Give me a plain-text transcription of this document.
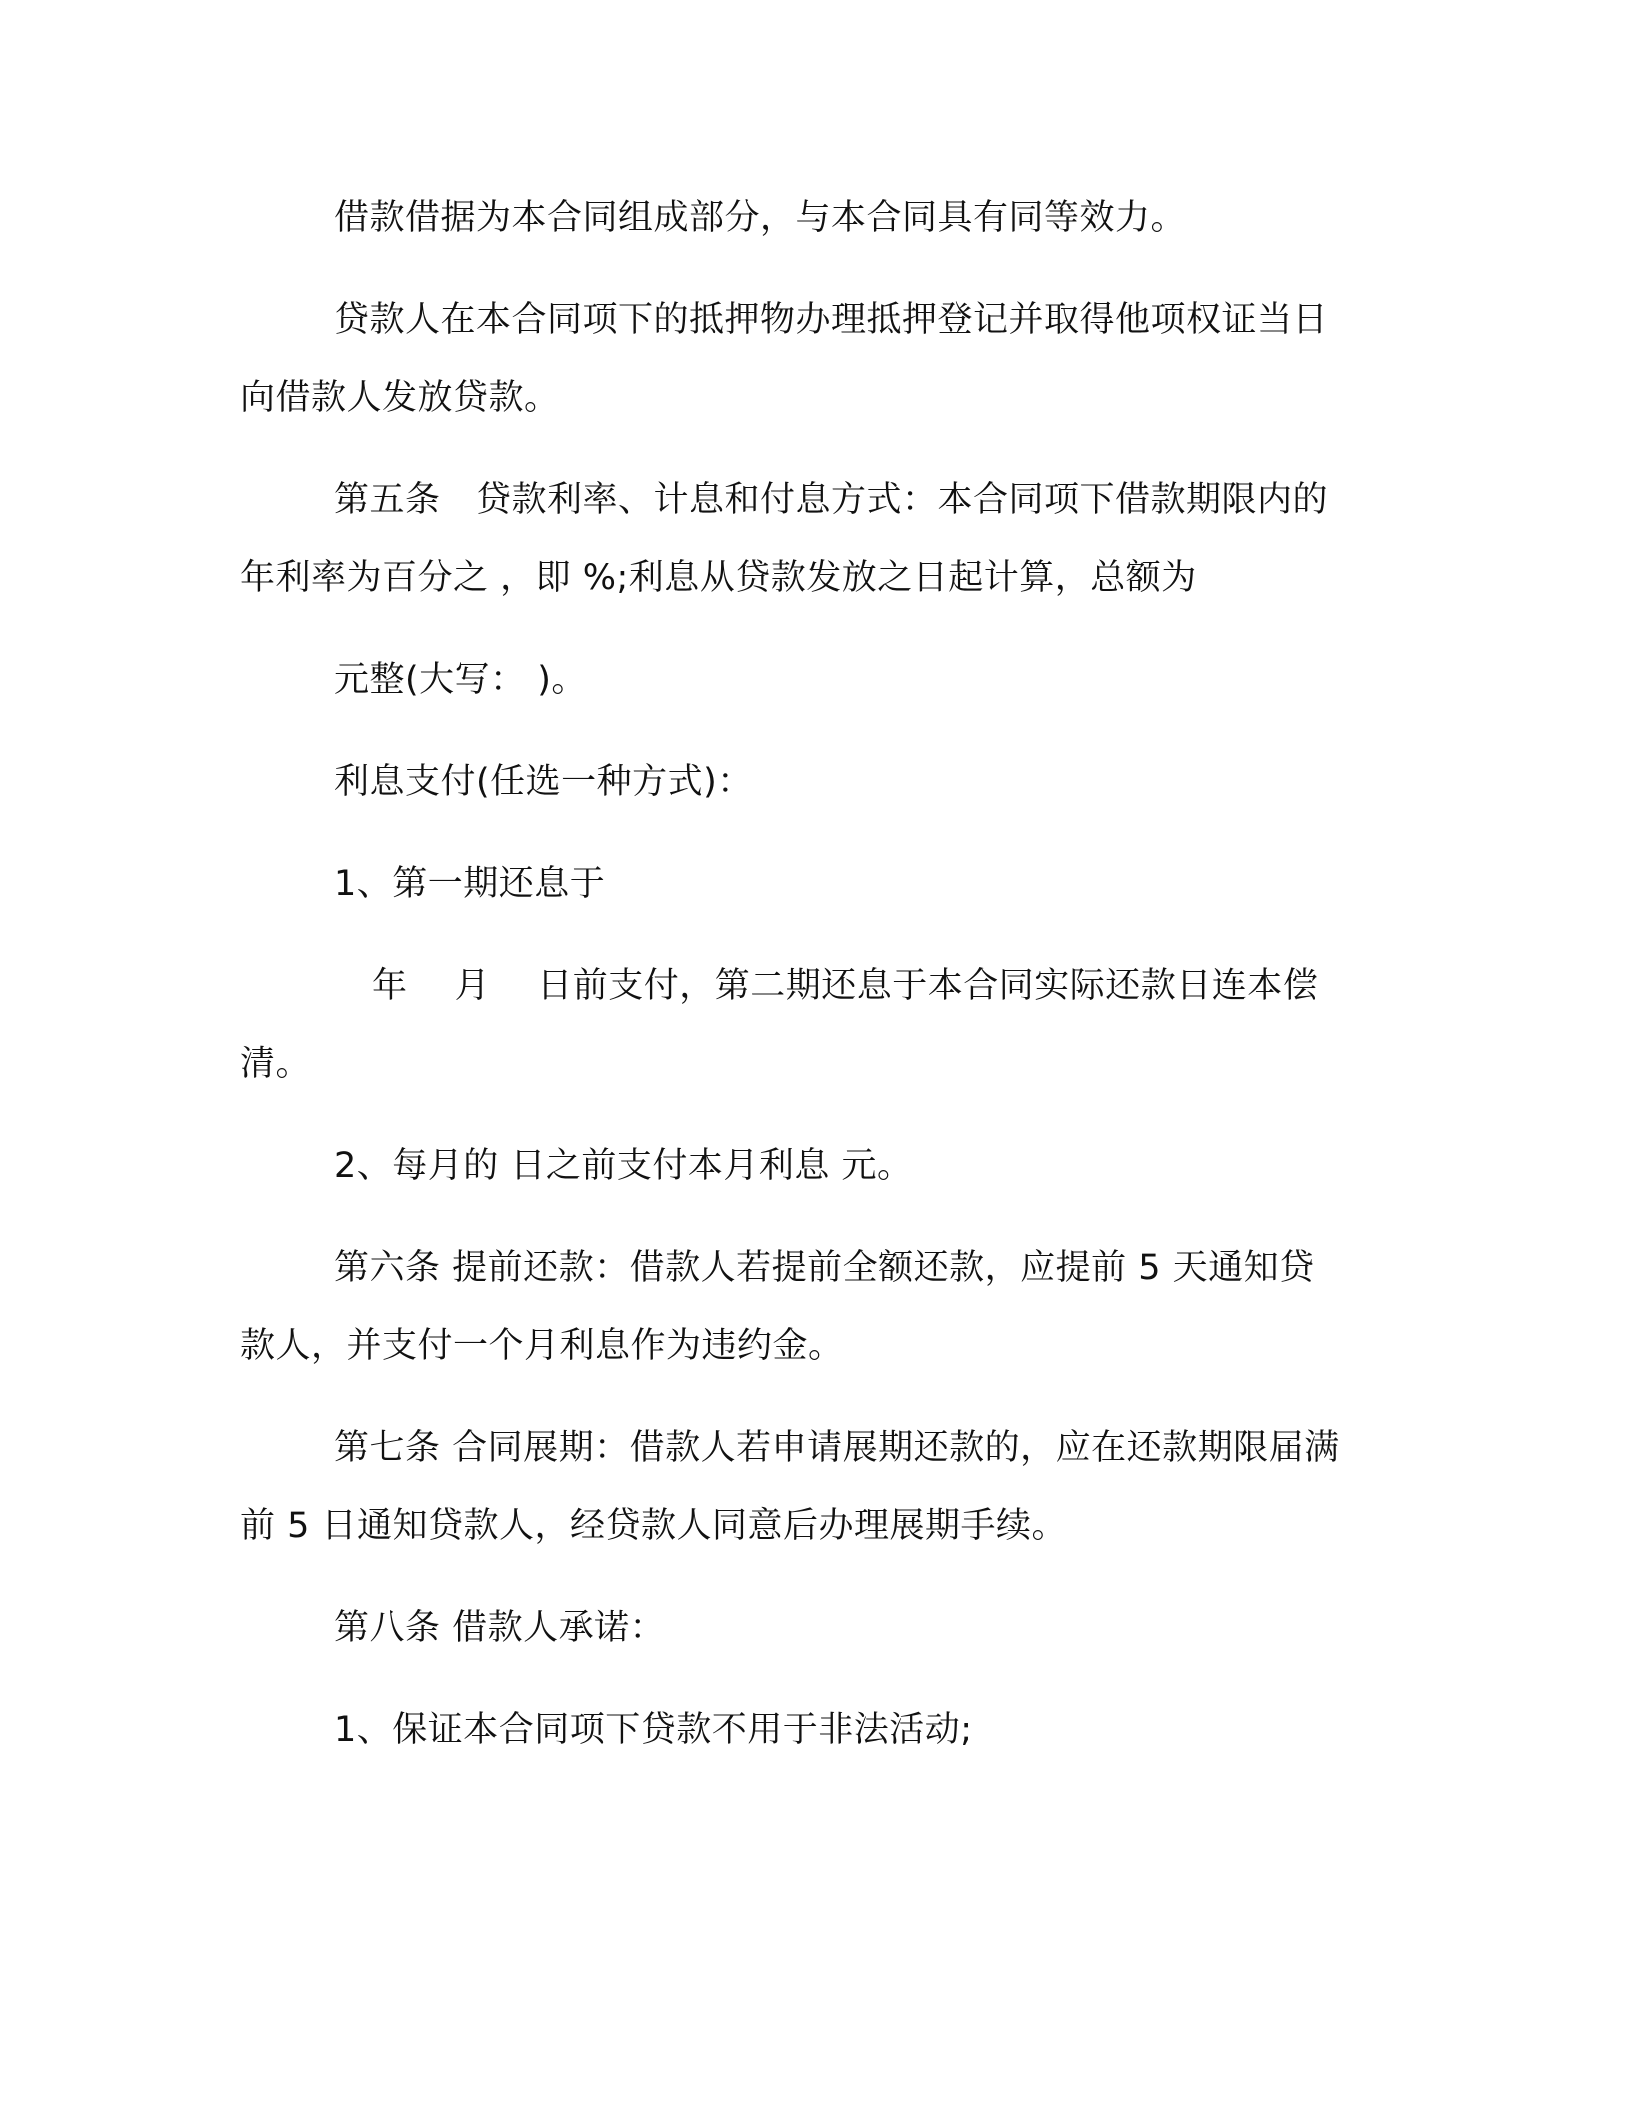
借款借据为本合同组成部分，与本合同具有同等效力。
贷款人在本合同项下的抵押物办理抵押登记并取得他项权证当日
向借款人发放贷款。
第五条　贷款利率、计息和付息方式：本合同项下借款期限内的
年利率为百分之 ，即 %;利息从贷款发放之日起计算，总额为
元整(大写： )。
利息支付(任选一种方式)：
1、第一期还息于
年　 月　 日前支付，第二期还息于本合同实际还款日连本偿
清。
2、每月的 日之前支付本月利息 元。
第六条 提前还款：借款人若提前全额还款，应提前 5 天通知贷
款人，并支付一个月利息作为违约金。
第七条 合同展期：借款人若申请展期还款的，应在还款期限届满
前 5 日通知贷款人，经贷款人同意后办理展期手续。
第八条 借款人承诺：
1、保证本合同项下贷款不用于非法活动;
